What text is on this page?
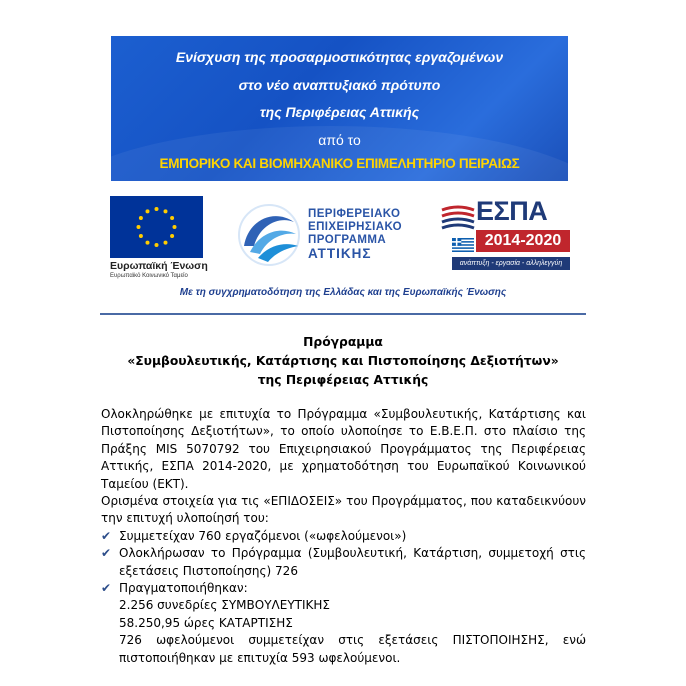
Ενίσχυση της προσαρμοστικότητας εργαζομένων
στο νέο αναπτυξιακό πρότυπο
της Περιφέρειας Αττικής
από το
ΕΜΠΟΡΙΚΟ ΚΑΙ ΒΙΟΜΗΧΑΝΙΚΟ ΕΠΙΜΕΛΗΤΗΡΙΟ ΠΕΙΡΑΙΩΣ
Ευρωπαϊκή Ένωση
Ευρωπαϊκό Κοινωνικό Ταμείο
ΠΕΡΙΦΕΡΕΙΑΚΟ
ΕΠΙΧΕΙΡΗΣΙΑΚΟ
ΠΡΟΓΡΑΜΜΑ
ΑΤΤΙΚΗΣ
ΕΣΠΑ
2014-2020
ανάπτυξη - εργασία - αλληλεγγύη
Με τη συγχρηματοδότηση της Ελλάδας και της Ευρωπαϊκής Ένωσης
Πρόγραμμα
«Συμβουλευτικής, Κατάρτισης και Πιστοποίησης Δεξιοτήτων»
της Περιφέρειας Αττικής

Ολοκληρώθηκε με επιτυχία το Πρόγραμμα «Συμβουλευτικής, Κατάρτισης και Πιστοποίησης Δεξιοτήτων», το οποίο υλοποίησε το Ε.Β.Ε.Π. στο πλαίσιο της Πράξης MIS 5070792 του Επιχειρησιακού Προγράμματος της Περιφέρειας Αττικής, ΕΣΠΑ 2014-2020, με χρηματοδότηση του Ευρωπαϊκού Κοινωνικού Ταμείου (ΕΚΤ).

Ορισμένα στοιχεία για τις «ΕΠΙΔΟΣΕΙΣ» του Προγράμματος, που καταδεικνύουν την επιτυχή υλοποίησή του:

✔ Συμμετείχαν 760 εργαζόμενοι («ωφελούμενοι»)
✔ Ολοκλήρωσαν το Πρόγραμμα (Συμβουλευτική, Κατάρτιση, συμμετοχή στις εξετάσεις Πιστοποίησης) 726
✔ Πραγματοποιήθηκαν:
2.256 συνεδρίες ΣΥΜΒΟΥΛΕΥΤΙΚΗΣ
58.250,95 ώρες ΚΑΤΑΡΤΙΣΗΣ
726 ωφελούμενοι συμμετείχαν στις εξετάσεις ΠΙΣΤΟΠΟΙΗΣΗΣ, ενώ πιστοποιήθηκαν με επιτυχία 593 ωφελούμενοι.
